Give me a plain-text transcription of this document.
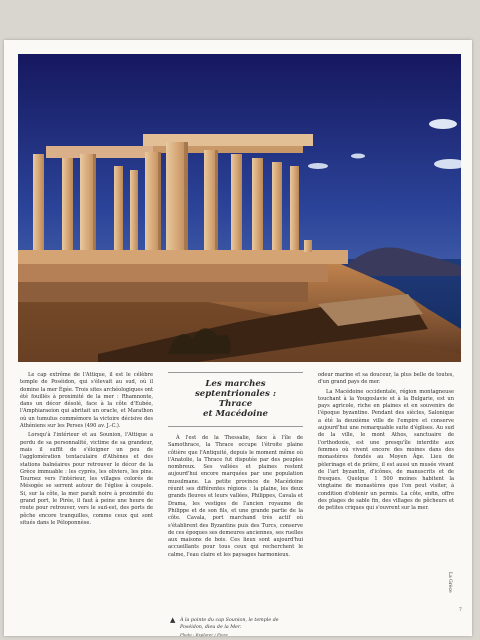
Le cap extrême de l'Attique, il est le célèbre temple de Poséidon, qui s'élevait au sud, où il domine la mer Égée. Trois sites archéologiques ont été fouillés à proximité de la mer : Rhamnonte, dans un décor désolé, face à la côte d'Eubée, l'Amphiaraeion qui abritait un oracle, et Marathon où un tumulus commémore la victoire décisive des Athéniens sur les Perses (490 av. J.-C.).

Lorsqu'à l'intérieur et au Sounion, l'Attique a perdu de sa personnalité, victime de sa grandeur, mais il suffit de s'éloigner un peu de l'agglomération tentaculaire d'Athènes et des stations balnéaires pour retrouver le décor de la Grèce immuable : les cyprès, les oliviers, les pins. Tournez vers l'intérieur, les villages colorés de Mésogée se serrent autour de l'église à coupole. Si, sur la côte, la mer paraît noire à proximité du grand port, le Pirée, il faut à peine une heure de route pour retrouver, vers le sud-est, des ports de pêche encore tranquilles, comme ceux qui sont situés dans le Péloponnèse.

Les marches
septentrionales :
Thrace
et Macédoine

À l'est de la Thessalie, face à l'île de Samothrace, la Thrace occupe l'étroite plaine côtière que l'Antiquité, depuis le moment même où l'Anatolie, la Thrace fut disputée par des peuples nombreux. Ses vallées et plaines restent aujourd'hui encore marquées par une population musulmane. La petite province de Macédoine réunit ses différentes régions : la plaine, les deux grands fleuves et leurs vallées, Philippes, Cavala et Drama, les vestiges de l'ancien royaume de Philippe et de son fils, et une grande partie de la côte. Cavala, port marchand très actif où s'établirent des Byzantins puis des Turcs, conserve de ces époques ses demeures anciennes, ses ruelles aux maisons de bois. Ces lieux sont aujourd'hui accueillants pour tous ceux qui recherchent le calme, l'eau claire et les paysages harmonieux.

odeur marine et sa douceur, la plus belle de toutes, d'un grand pays de mer.

La Macédoine occidentale, région montagneuse touchant à la Yougoslavie et à la Bulgarie, est un pays agricole, riche en plaines et en souvenirs de l'époque byzantine. Pendant des siècles, Salonique a été la deuxième ville de l'empire et conserve aujourd'hui une remarquable suite d'églises. Au sud de la ville, le mont Athos, sanctuaire de l'orthodoxie, est une presqu'île interdite aux femmes où vivent encore des moines dans des monastères fondés au Moyen Âge. Lieu de pèlerinage et de prière, il est aussi un musée vivant de l'art byzantin, d'icônes, de manuscrits et de fresques. Quelque 1 500 moines habitent la vingtaine de monastères que l'on peut visiter, à condition d'obtenir un permis. La côte, enfin, offre des plages de sable fin, des villages de pêcheurs et de petites criques qui s'ouvrent sur la mer.

▲ À la pointe du cap Sounion, le temple de Poséidon, dieu de la Mer.
Photo : Explorer / Fiore
La Grèce
7
